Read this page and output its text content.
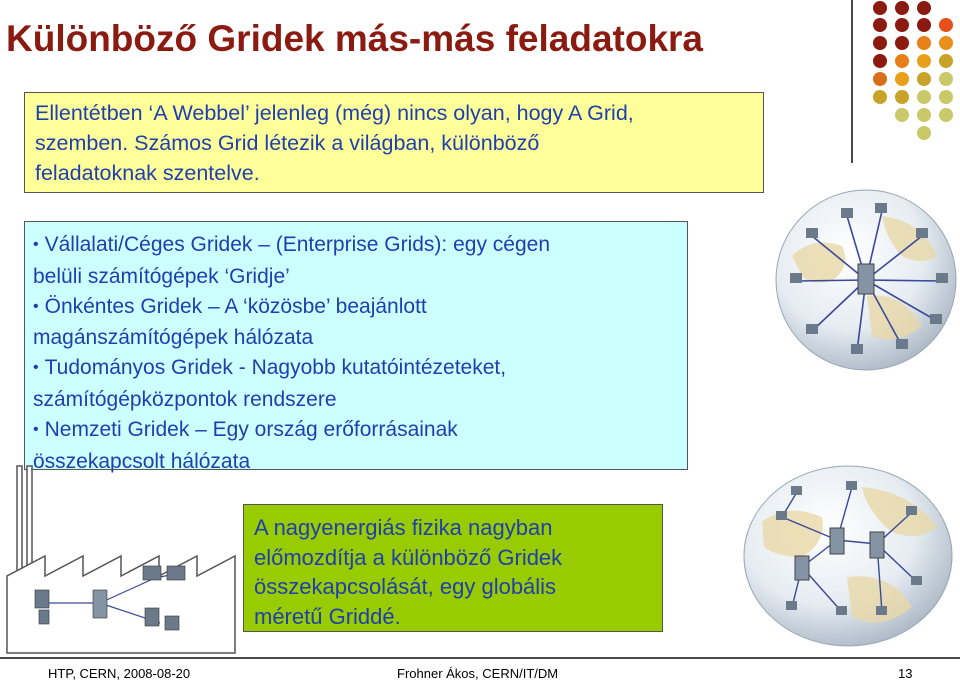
Különböző Gridek más-más feladatokra
Ellentétben ‘A Webbel’ jelenleg (még) nincs olyan, hogy A Grid,
szemben. Számos Grid létezik a világban, különböző
feladatoknak szentelve.

• Vállalati/Céges Gridek – (Enterprise Grids): egy cégen

belüli számítógépek ‘Gridje’

• Önkéntes Gridek – A ‘közösbe’ beajánlott

magánszámítógépek hálózata

• Tudományos Gridek - Nagyobb kutatóintézeteket,

számítógépközpontok rendszere

• Nemzeti Gridek – Egy ország erőforrásainak

összekapcsolt hálózata

A nagyenergiás fizika nagyban
előmozdítja a különböző Gridek
összekapcsolását, egy globális
méretű Griddé.
HTP, CERN, 2008-08-20	Frohner Ákos, CERN/IT/DM	13
